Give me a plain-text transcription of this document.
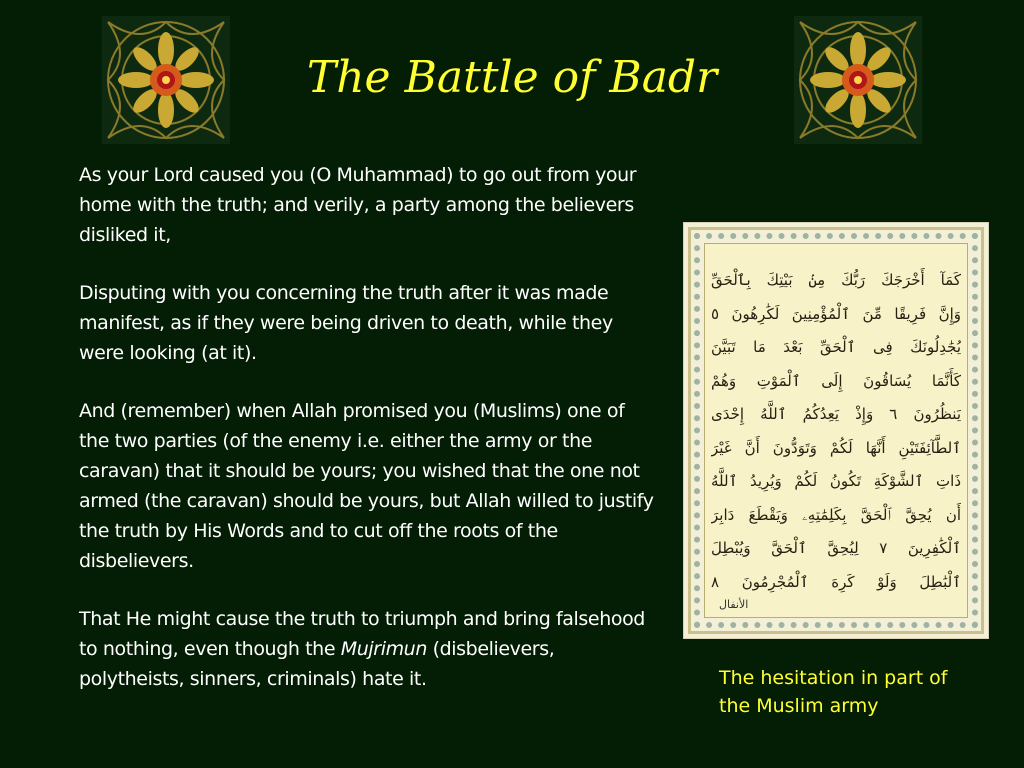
The Battle of Badr

As your Lord caused you (O Muhammad) to go out from your home with the truth; and verily, a party among the believers disliked it,

Disputing with you concerning the truth after it was made manifest, as if they were being driven to death, while they were looking (at it).

And (remember) when Allah promised you (Muslims) one of the two parties (of the enemy i.e. either the army or the caravan) that it should be yours; you wished that the one not armed (the caravan) should be yours, but Allah willed to justify the truth by His Words and to cut off the roots of the disbelievers.

That He might cause the truth to triumph and bring falsehood to nothing, even though the Mujrimun (disbelievers, polytheists, sinners, criminals) hate it.

كَمَآ أَخْرَجَكَ رَبُّكَ مِنۢ بَيْتِكَ بِٱلْحَقِّ
وَإِنَّ فَرِيقًا مِّنَ ٱلْمُؤْمِنِينَ لَكَٰرِهُونَ ٥
يُجَٰدِلُونَكَ فِى ٱلْحَقِّ بَعْدَ مَا تَبَيَّنَ
كَأَنَّمَا يُسَاقُونَ إِلَى ٱلْمَوْتِ وَهُمْ
يَنظُرُونَ ٦ وَإِذْ يَعِدُكُمُ ٱللَّهُ إِحْدَى
ٱلطَّآئِفَتَيْنِ أَنَّهَا لَكُمْ وَتَوَدُّونَ أَنَّ غَيْرَ
ذَاتِ ٱلشَّوْكَةِ تَكُونُ لَكُمْ وَيُرِيدُ ٱللَّهُ
أَن يُحِقَّ ٱلْحَقَّ بِكَلِمَٰتِهِۦ وَيَقْطَعَ دَابِرَ
ٱلْكَٰفِرِينَ ٧ لِيُحِقَّ ٱلْحَقَّ وَيُبْطِلَ
ٱلْبَٰطِلَ وَلَوْ كَرِهَ ٱلْمُجْرِمُونَ ٨
الأنفال
The hesitation in part of the Muslim army
